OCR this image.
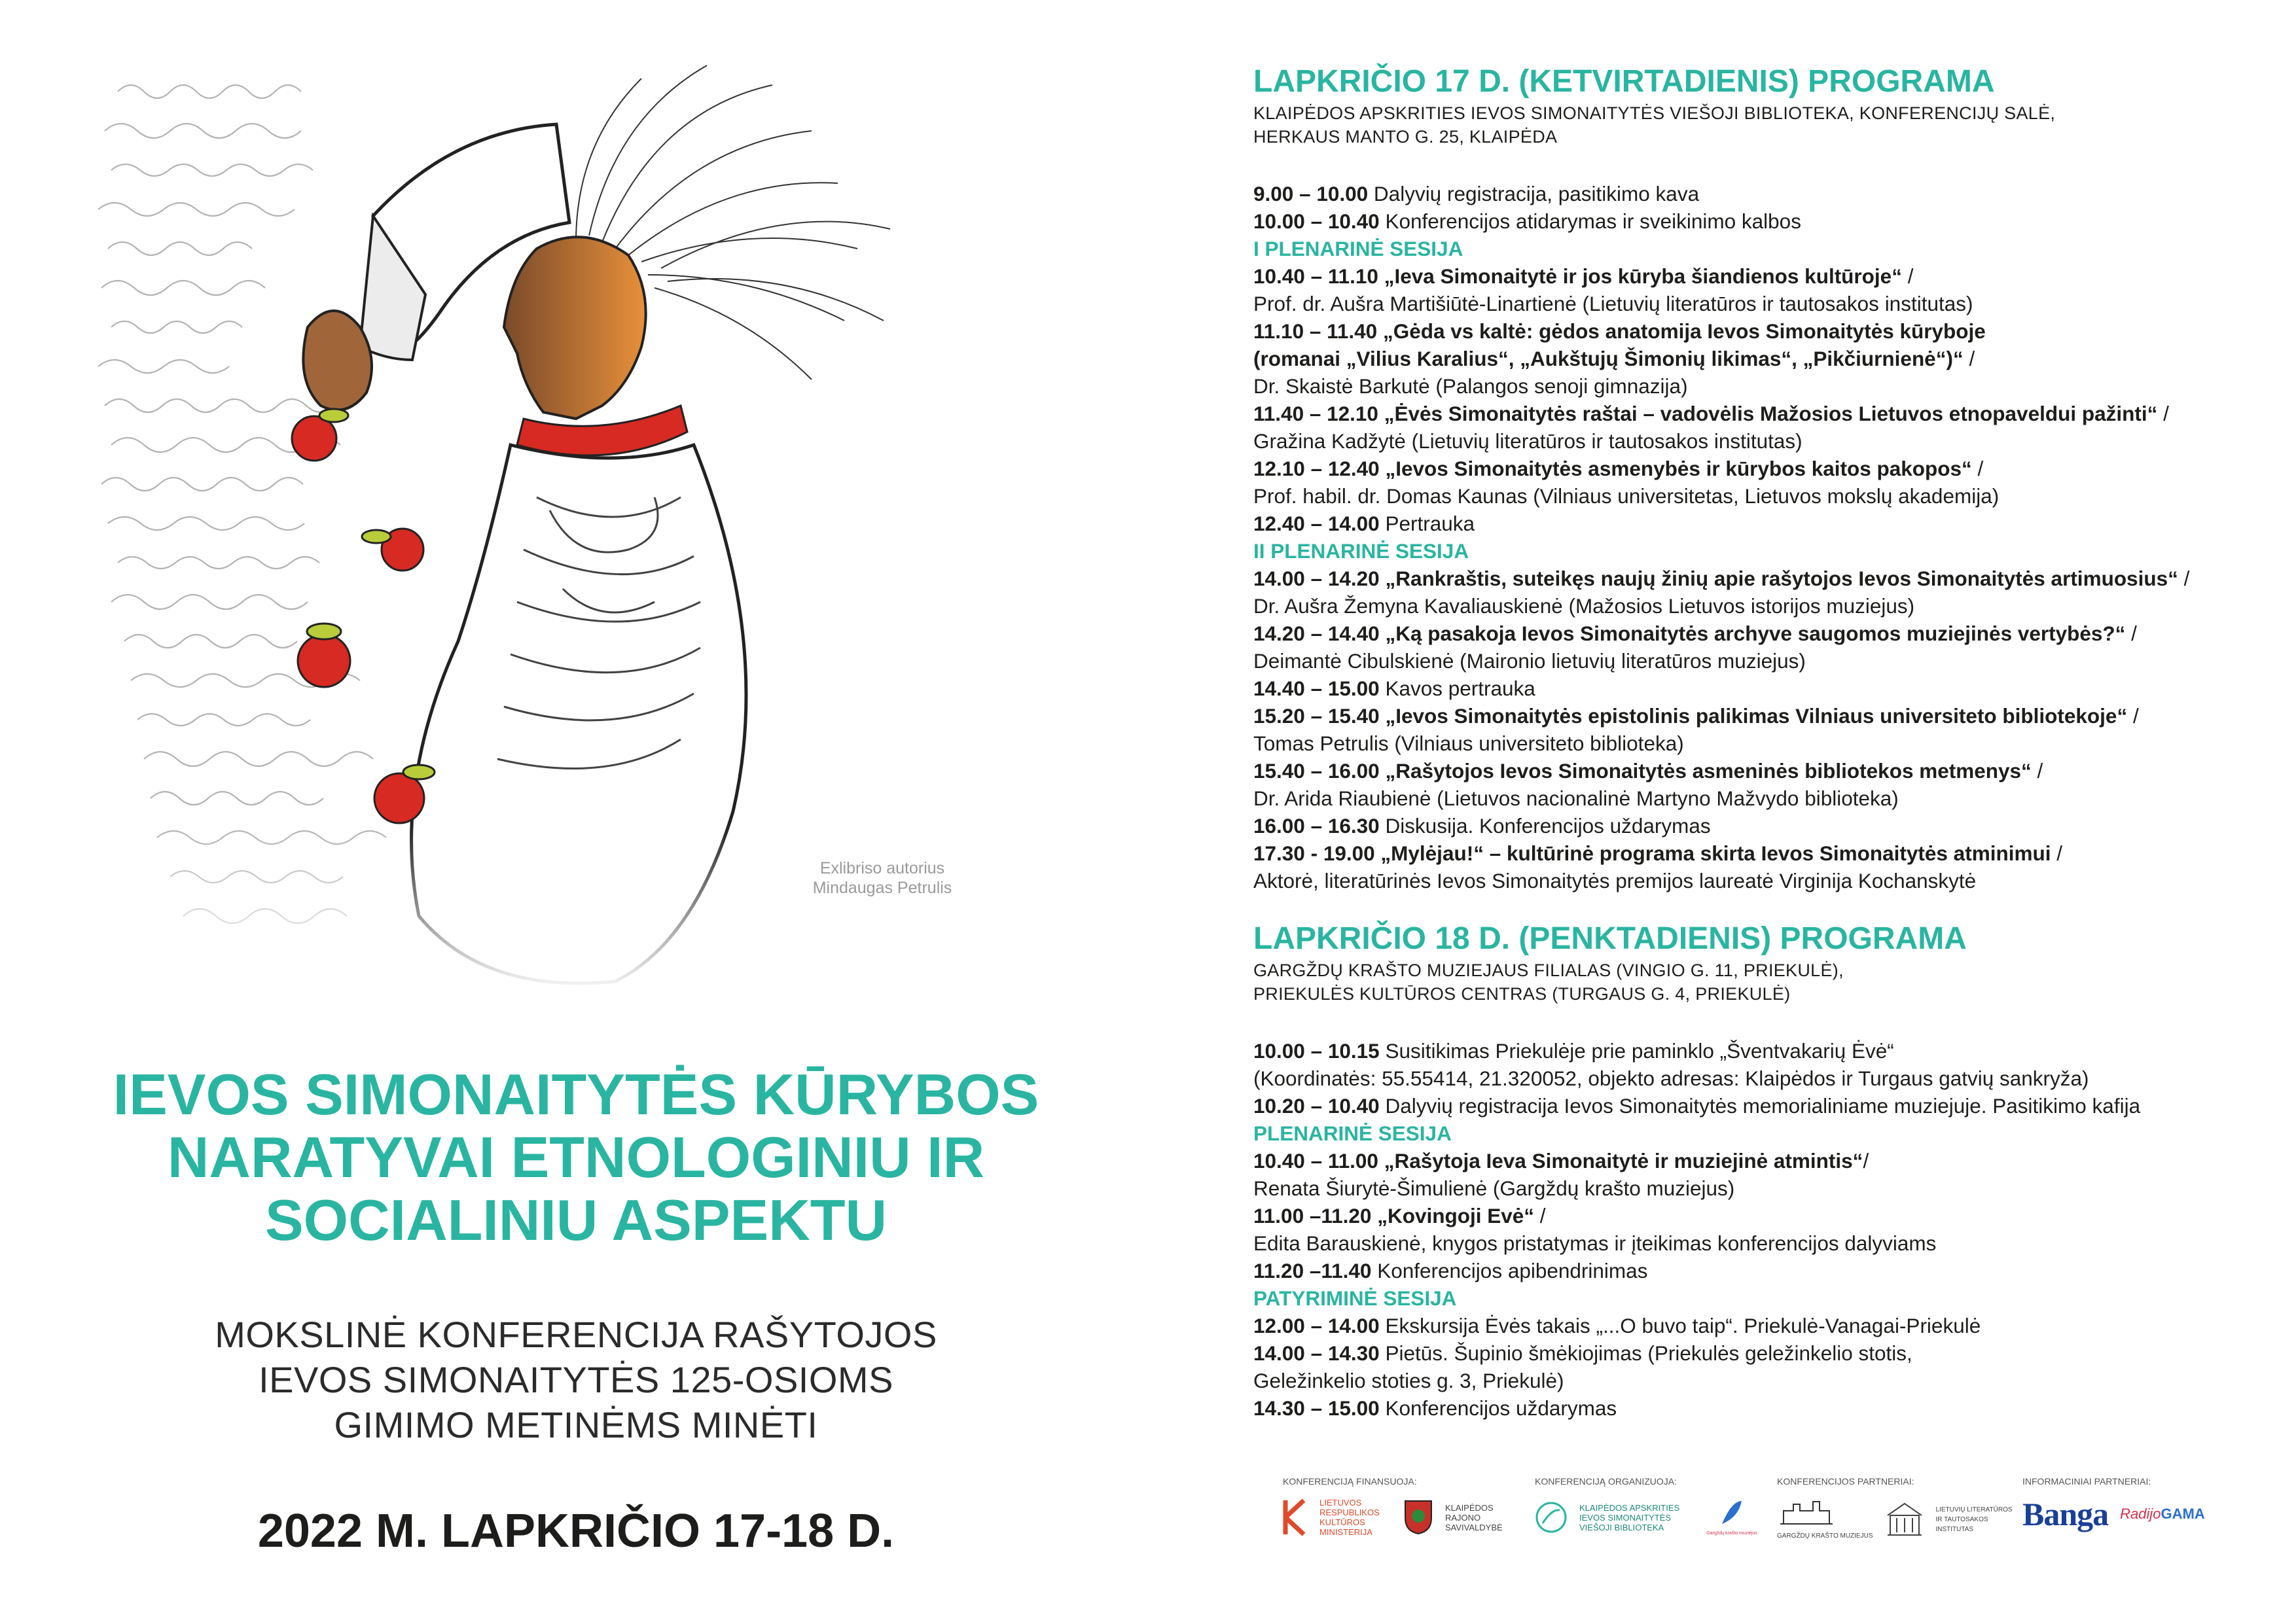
Exlibriso autorius
Mindaugas Petrulis
IEVOS SIMONAITYTĖS KŪRYBOS
NARATYVAI ETNOLOGINIU IR
SOCIALINIU ASPEKTU
MOKSLINĖ KONFERENCIJA RAŠYTOJOS
IEVOS SIMONAITYTĖS 125-OSIOMS
GIMIMO METINĖMS MINĖTI
2022 M. LAPKRIČIO 17-18 D.
LAPKRIČIO 17 D. (KETVIRTADIENIS) PROGRAMA
KLAIPĖDOS APSKRITIES IEVOS SIMONAITYTĖS VIEŠOJI BIBLIOTEKA, KONFERENCIJŲ SALĖ,
HERKAUS MANTO G. 25, KLAIPĖDA
9.00 – 10.00 Dalyvių registracija, pasitikimo kava
10.00 – 10.40 Konferencijos atidarymas ir sveikinimo kalbos
I PLENARINĖ SESIJA
10.40 – 11.10 „Ieva Simonaitytė ir jos kūryba šiandienos kultūroje“ /
Prof. dr. Aušra Martišiūtė-Linartienė (Lietuvių literatūros ir tautosakos institutas)
11.10 – 11.40 „Gėda vs kaltė: gėdos anatomija Ievos Simonaitytės kūryboje
(romanai „Vilius Karalius“, „Aukštujų Šimonių likimas“, „Pikčiurnienė“)“ /
Dr. Skaistė Barkutė (Palangos senoji gimnazija)
11.40 – 12.10 „Ėvės Simonaitytės raštai – vadovėlis Mažosios Lietuvos etnopaveldui pažinti“ /
Gražina Kadžytė (Lietuvių literatūros ir tautosakos institutas)
12.10 – 12.40 „Ievos Simonaitytės asmenybės ir kūrybos kaitos pakopos“ /
Prof. habil. dr. Domas Kaunas (Vilniaus universitetas, Lietuvos mokslų akademija)
12.40 – 14.00 Pertrauka
II PLENARINĖ SESIJA
14.00 – 14.20 „Rankraštis, suteikęs naujų žinių apie rašytojos Ievos Simonaitytės artimuosius“ /
Dr. Aušra Žemyna Kavaliauskienė (Mažosios Lietuvos istorijos muziejus)
14.20 – 14.40 „Ką pasakoja Ievos Simonaitytės archyve saugomos muziejinės vertybės?“ /
Deimantė Cibulskienė (Maironio lietuvių literatūros muziejus)
14.40 – 15.00 Kavos pertrauka
15.20 – 15.40 „Ievos Simonaitytės epistolinis palikimas Vilniaus universiteto bibliotekoje“ /
Tomas Petrulis (Vilniaus universiteto biblioteka)
15.40 – 16.00 „Rašytojos Ievos Simonaitytės asmeninės bibliotekos metmenys“ /
Dr. Arida Riaubienė (Lietuvos nacionalinė Martyno Mažvydo biblioteka)
16.00 – 16.30 Diskusija. Konferencijos uždarymas
17.30 - 19.00 „Mylėjau!“ – kultūrinė programa skirta Ievos Simonaitytės atminimui /
Aktorė, literatūrinės Ievos Simonaitytės premijos laureatė Virginija Kochanskytė
LAPKRIČIO 18 D. (PENKTADIENIS) PROGRAMA
GARGŽDŲ KRAŠTO MUZIEJAUS FILIALAS (VINGIO G. 11, PRIEKULĖ),
PRIEKULĖS KULTŪROS CENTRAS (TURGAUS G. 4, PRIEKULĖ)
10.00 – 10.15 Susitikimas Priekulėje prie paminklo „Šventvakarių Ėvė“
(Koordinatės: 55.55414, 21.320052, objekto adresas: Klaipėdos ir Turgaus gatvių sankryža)
10.20 – 10.40 Dalyvių registracija Ievos Simonaitytės memorialiniame muziejuje. Pasitikimo kafija
PLENARINĖ SESIJA
10.40 – 11.00 „Rašytoja Ieva Simonaitytė ir muziejinė atmintis“/
Renata Šiurytė-Šimulienė (Gargždų krašto muziejus)
11.00 –11.20 „Kovingoji Evė“ /
Edita Barauskienė, knygos pristatymas ir įteikimas konferencijos dalyviams
11.20 –11.40 Konferencijos apibendrinimas
PATYRIMINĖ SESIJA
12.00 – 14.00 Ekskursija Ėvės takais „...O buvo taip“. Priekulė-Vanagai-Priekulė
14.00 – 14.30 Pietūs. Šupinio šmėkiojimas (Priekulės geležinkelio stotis,
Geležinkelio stoties g. 3, Priekulė)
14.30 – 15.00 Konferencijos uždarymas
KONFERENCIJĄ FINANSUOJA:
LIETUVOS RESPUBLIKOS KULTŪROS MINISTERIJA
KLAIPĖDOS RAJONO SAVIVALDYBĖ
KONFERENCIJĄ ORGANIZUOJA:
KLAIPĖDOS APSKRITIES IEVOS SIMONAITYTĖS VIEŠOJI BIBLIOTEKA
Gargždų krašto muziejus
KONFERENCIJOS PARTNERIAI:
GARGŽDŲ KRAŠTO MUZIEJUS
LIETUVIŲ LITERATŪROS IR TAUTOSAKOS INSTITUTAS
INFORMACINIAI PARTNERIAI:
Banga RadijoGAMA
